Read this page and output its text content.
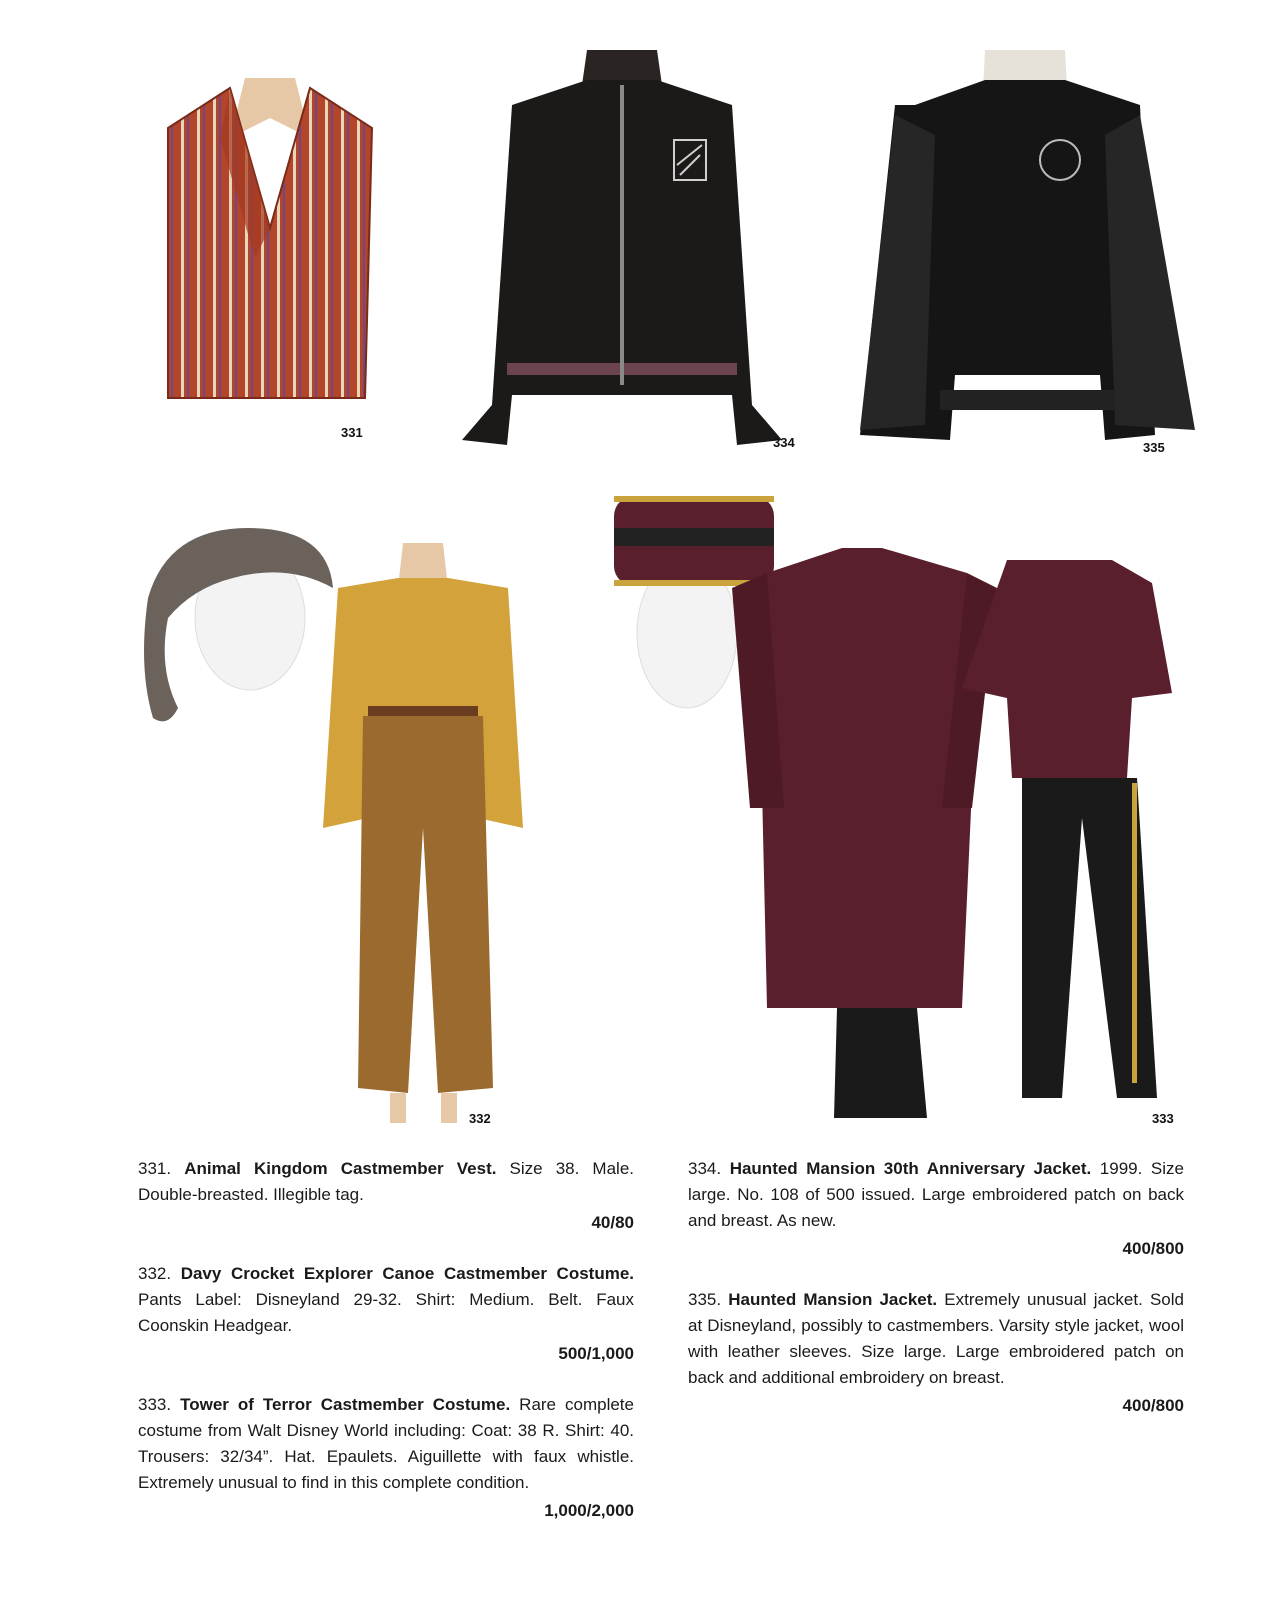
331
334	335
332	333

331. Animal Kingdom Castmember Vest. Size 38. Male. Double-breasted. Illegible tag.

40/80

332. Davy Crocket Explorer Canoe Castmember Costume. Pants Label: Disneyland 29-32. Shirt: Medium. Belt. Faux Coonskin Headgear.

500/1,000

333. Tower of Terror Castmember Costume. Rare complete costume from Walt Disney World including: Coat: 38 R. Shirt: 40. Trousers: 32/34”. Hat. Epaulets. Aiguillette with faux whistle. Extremely unusual to find in this complete condition.

1,000/2,000

334. Haunted Mansion 30th Anniversary Jacket. 1999. Size large. No. 108 of 500 issued. Large embroidered patch on back and breast. As new.

400/800

335. Haunted Mansion Jacket. Extremely unusual jacket. Sold at Disneyland, possibly to castmembers. Varsity style jacket, wool with leather sleeves. Size large. Large embroidered patch on back and additional embroidery on breast.

400/800
